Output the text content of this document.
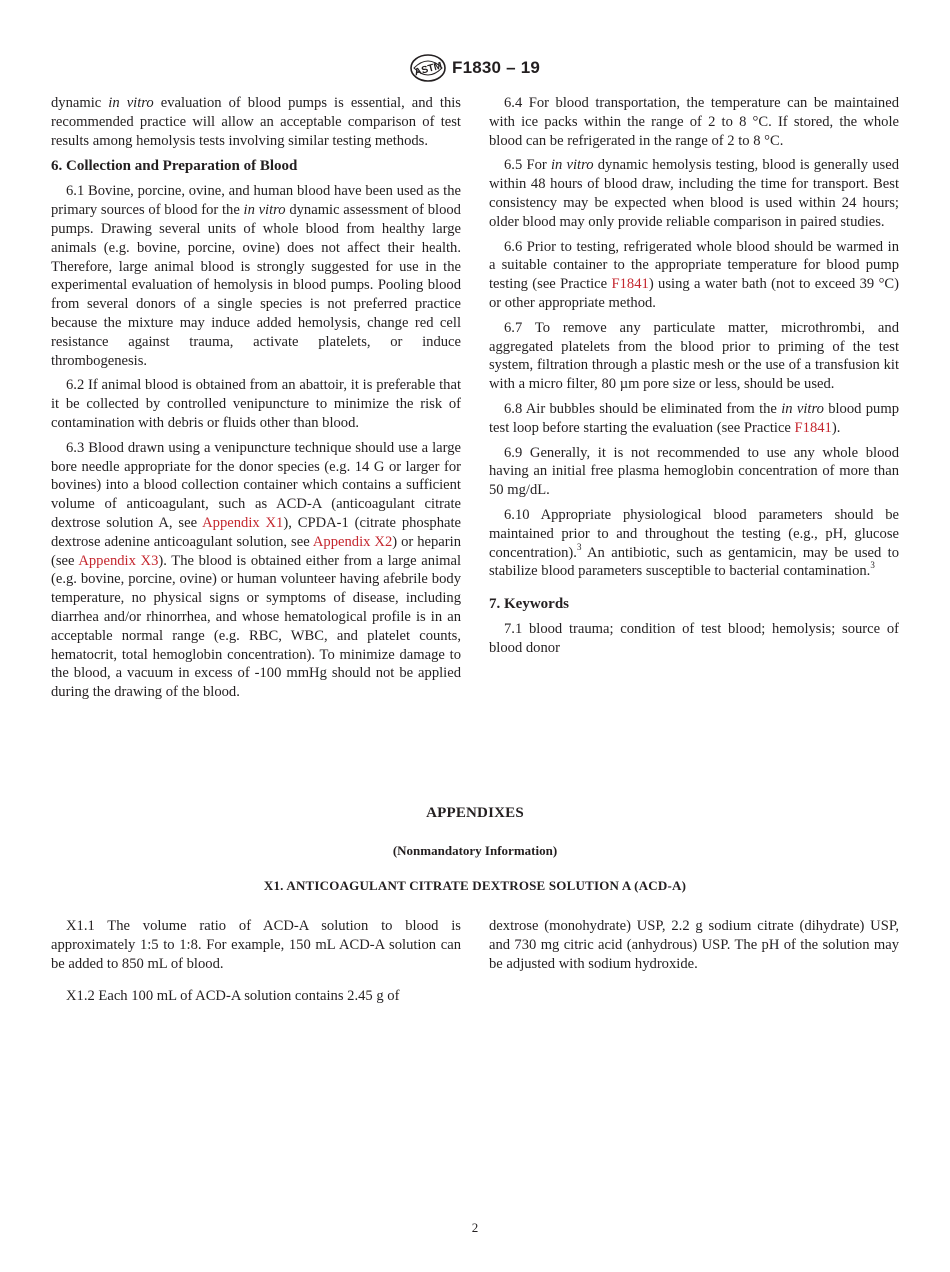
ASTM F1830 – 19

dynamic in vitro evaluation of blood pumps is essential, and this recommended practice will allow an acceptable comparison of test results among hemolysis tests involving similar testing methods.

6. Collection and Preparation of Blood

6.1 Bovine, porcine, ovine, and human blood have been used as the primary sources of blood for the in vitro dynamic assessment of blood pumps. Drawing several units of whole blood from healthy large animals (e.g. bovine, porcine, ovine) does not affect their health. Therefore, large animal blood is strongly suggested for use in the experimental evaluation of hemolysis in blood pumps. Pooling blood from several donors of a single species is not preferred practice because the mixture may induce added hemolysis, change red cell resistance against trauma, activate platelets, or induce thrombogenesis.

6.2 If animal blood is obtained from an abattoir, it is preferable that it be collected by controlled venipuncture to minimize the risk of contamination with debris or fluids other than blood.

6.3 Blood drawn using a venipuncture technique should use a large bore needle appropriate for the donor species (e.g. 14 G or larger for bovines) into a blood collection container which contains a sufficient volume of anticoagulant, such as ACD-A (anticoagulant citrate dextrose solution A, see Appendix X1), CPDA-1 (citrate phosphate dextrose adenine anticoagulant solution, see Appendix X2) or heparin (see Appendix X3). The blood is obtained either from a large animal (e.g. bovine, porcine, ovine) or human volunteer having afebrile body temperature, no physical signs or symptoms of disease, including diarrhea and/or rhinorrhea, and whose hematological profile is in an acceptable normal range (e.g. RBC, WBC, and platelet counts, hematocrit, total hemoglobin concentration). To minimize damage to the blood, a vacuum in excess of -100 mmHg should not be applied during the drawing of the blood.

6.4 For blood transportation, the temperature can be maintained with ice packs within the range of 2 to 8 °C. If stored, the whole blood can be refrigerated in the range of 2 to 8 °C.

6.5 For in vitro dynamic hemolysis testing, blood is generally used within 48 hours of blood draw, including the time for transport. Best consistency may be expected when blood is used within 24 hours; older blood may only provide reliable comparison in paired studies.

6.6 Prior to testing, refrigerated whole blood should be warmed in a suitable container to the appropriate temperature for blood pump testing (see Practice F1841) using a water bath (not to exceed 39 °C) or other appropriate method.

6.7 To remove any particulate matter, microthrombi, and aggregated platelets from the blood prior to priming of the test system, filtration through a plastic mesh or the use of a transfusion kit with a micro filter, 80 µm pore size or less, should be used.

6.8 Air bubbles should be eliminated from the in vitro blood pump test loop before starting the evaluation (see Practice F1841).

6.9 Generally, it is not recommended to use any whole blood having an initial free plasma hemoglobin concentration of more than 50 mg/dL.

6.10 Appropriate physiological blood parameters should be maintained prior to and throughout the testing (e.g., pH, glucose concentration).$^3$ An antibiotic, such as gentamicin, may be used to stabilize blood parameters susceptible to bacterial contamination.$^3$

7. Keywords

7.1 blood trauma; condition of test blood; hemolysis; source of blood donor

APPENDIXES
(Nonmandatory Information)
X1. ANTICOAGULANT CITRATE DEXTROSE SOLUTION A (ACD-A)

X1.1 The volume ratio of ACD-A solution to blood is approximately 1:5 to 1:8. For example, 150 mL ACD-A solution can be added to 850 mL of blood.

X1.2 Each 100 mL of ACD-A solution contains 2.45 g of

dextrose (monohydrate) USP, 2.2 g sodium citrate (dihydrate) USP, and 730 mg citric acid (anhydrous) USP. The pH of the solution may be adjusted with sodium hydroxide.

2
